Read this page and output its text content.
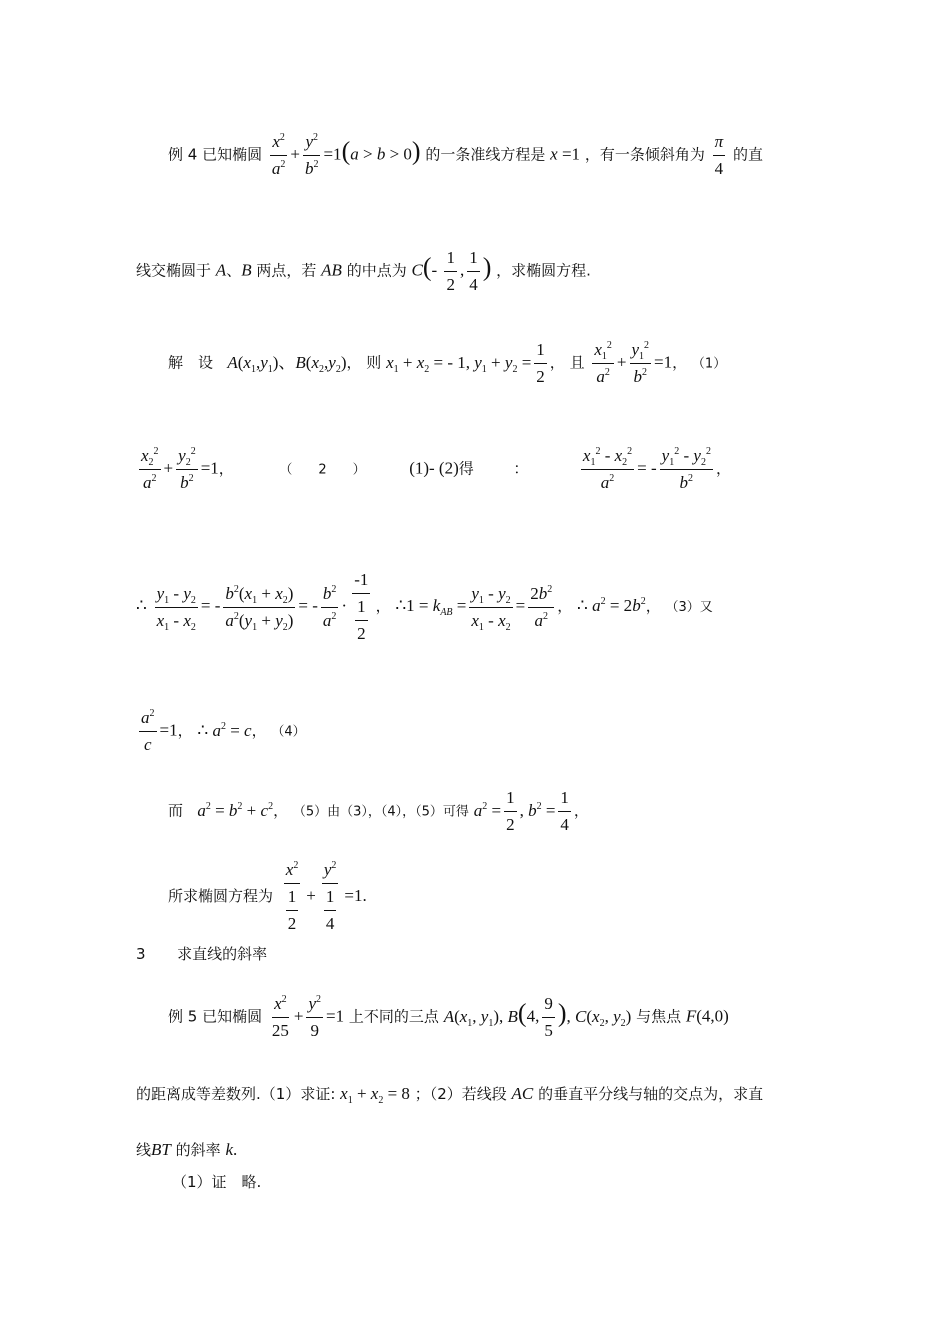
例 4 已知椭圆 $\frac{x^2}{a^2} + \frac{y^2}{b^2} =1(a > b > 0)$ 的一条准线方程是 x =1 ，有一条倾斜角为 $\frac{\pi}{4}$ 的直
线交椭圆于 A、B 两点，若 AB 的中点为 $C(- \frac{1}{2}$ , $\frac{1}{4}$ ) ，求椭圆方程.
解　设 $A(x_1,y_1)$、$B(x_2,y_2)$， 则 $x_1 + x_2$ = - 1, $y_1 + y_2 = \frac{1}{2}$ ， 且 $\frac{x_1^2}{a^2} + \frac{y_1^2}{b^2} =1$， （1）
$\frac{x_2^2}{a^2} + \frac{y_2^2}{b^2} =1$，	（　　2　　）	(1)- (2)得	：	$\frac{x_1^2 - x_2^2}{a^2}$ = - $\frac{y_1^2 - y_2^2}{b^2}$ ，
∴ $\frac{y_1 - y_2}{x_1 - x_2}$ = - $\frac{b^2(x_1 + x_2)}{a^2(y_1 + y_2)}$ = - $\frac{b^2}{a^2} \cdot \frac{-1}{\frac{1}{2}}$ ， ∴1 = $k_{AB} = \frac{y_1 - y_2}{x_1 - x_2} = \frac{2b^2}{a^2}$ ， ∴ $a^2 = 2b^2$， （3）又
$\frac{a^2}{c} =1$， ∴ $a^2 = c$， （4）
而 $a^2 = b^2 + c^2$， （5）由（3），（4），（5）可得 $a^2 = \frac{1}{2}$ , $b^2 = \frac{1}{4}$ ，
所求椭圆方程为 $\frac{x^2}{\frac{1}{2}} + \frac{y^2}{\frac{1}{4}} =1$.
3 求直线的斜率
例 5 已知椭圆 $\frac{x^2}{25} + \frac{y^2}{9} =1$ 上不同的三点 $A(x_1$, $y_1$), B(4, $\frac{9}{5}$ ), $C(x_2$, $y_2$) 与焦点 F(4,0)
的距离成等差数列.（1）求证: $x_1 + x_2 = 8$ ；（2）若线段 AC 的垂直平分线与轴的交点为，求直
线BT 的斜率 k.
（1）证　略.
